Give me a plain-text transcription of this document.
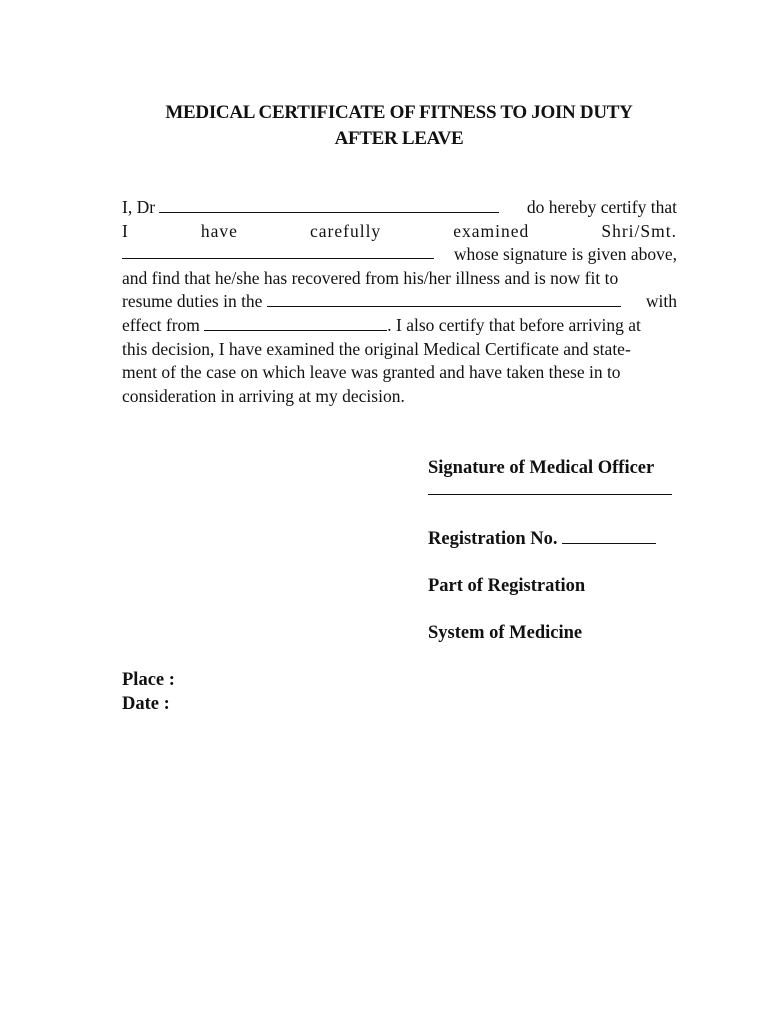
MEDICAL CERTIFICATE OF FITNESS TO JOIN DUTY
AFTER LEAVE
I, Dr	do hereby certify that
I	have	carefully	examined	Shri/Smt.
whose signature is given above,
and find that he/she has recovered from his/her illness and is now fit to
resume duties in the	with
effect from	. I also certify that before arriving at
this decision, I have examined the original Medical Certificate and state-
ment of the case on which leave was granted and have taken these in to
consideration in arriving at my decision.
Signature of Medical Officer
Registration No.
Part of Registration
System of Medicine
Place :
Date :
